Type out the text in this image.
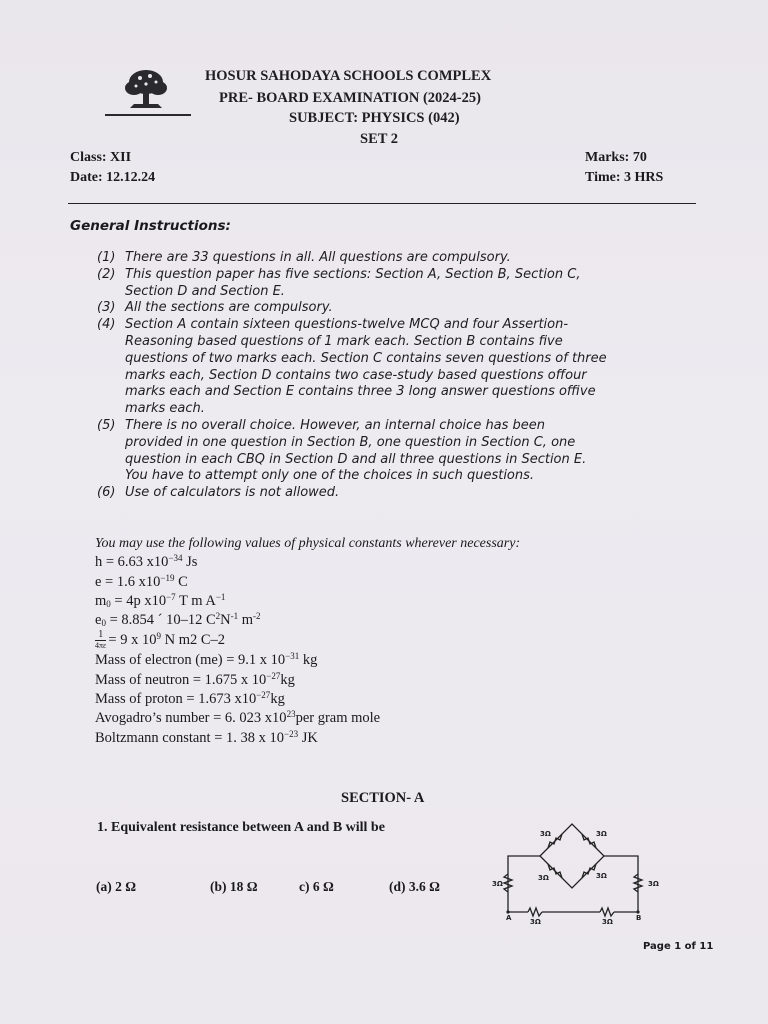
HOSUR SAHODAYA SCHOOLS COMPLEX
PRE- BOARD EXAMINATION (2024-25)
SUBJECT: PHYSICS (042)
SET 2
Class: XII
Date: 12.12.24
Marks: 70
Time: 3 HRS
General Instructions:
(1) There are 33 questions in all. All questions are compulsory.
(2) This question paper has five sections: Section A, Section B, Section C,
Section D and Section E.
(3) All the sections are compulsory.
(4) Section A contain sixteen questions-twelve MCQ and four Assertion-
Reasoning based questions of 1 mark each. Section B contains five
questions of two marks each. Section C contains seven questions of three
marks each, Section D contains two case-study based questions offour
marks each and Section E contains three 3 long answer questions offive
marks each.
(5) There is no overall choice. However, an internal choice has been
provided in one question in Section B, one question in Section C, one
question in each CBQ in Section D and all three questions in Section E.
You have to attempt only one of the choices in such questions.
(6) Use of calculators is not allowed.
You may use the following values of physical constants wherever necessary:
h = 6.63 $x10^{-34}$ Js
e = 1.6 $x10^{-19}$ C
$m_0 = 4p$ $x10^{-7}$ T m $A^{-1}$
$e_0 = 8.854$ ´ 10–12 $C^2N^{-1}$ $m^{-2}$
$\frac{1}{4\pi\varepsilon} = 9$ x $10^9$ N m2 C–2
Mass of electron (me) = 9.1 x $10^{-31}$ kg
Mass of neutron = 1.675 x $10^{-27}kg$
Mass of proton = 1.673 $x10^{-27}kg$
Avogadro’s number = 6. 023 $x10^{23}per$ gram mole
Boltzmann constant = 1. 38 x $10^{-23}$ JK
SECTION- A
1. Equivalent resistance between A and B will be
(a) 2 Ω	(b) 18 Ω	c) 6 Ω	(d) 3.6 Ω
3Ω	3Ω
3Ω	3Ω
3Ω	3Ω
3Ω	3Ω
A	B
Page 1 of 11
